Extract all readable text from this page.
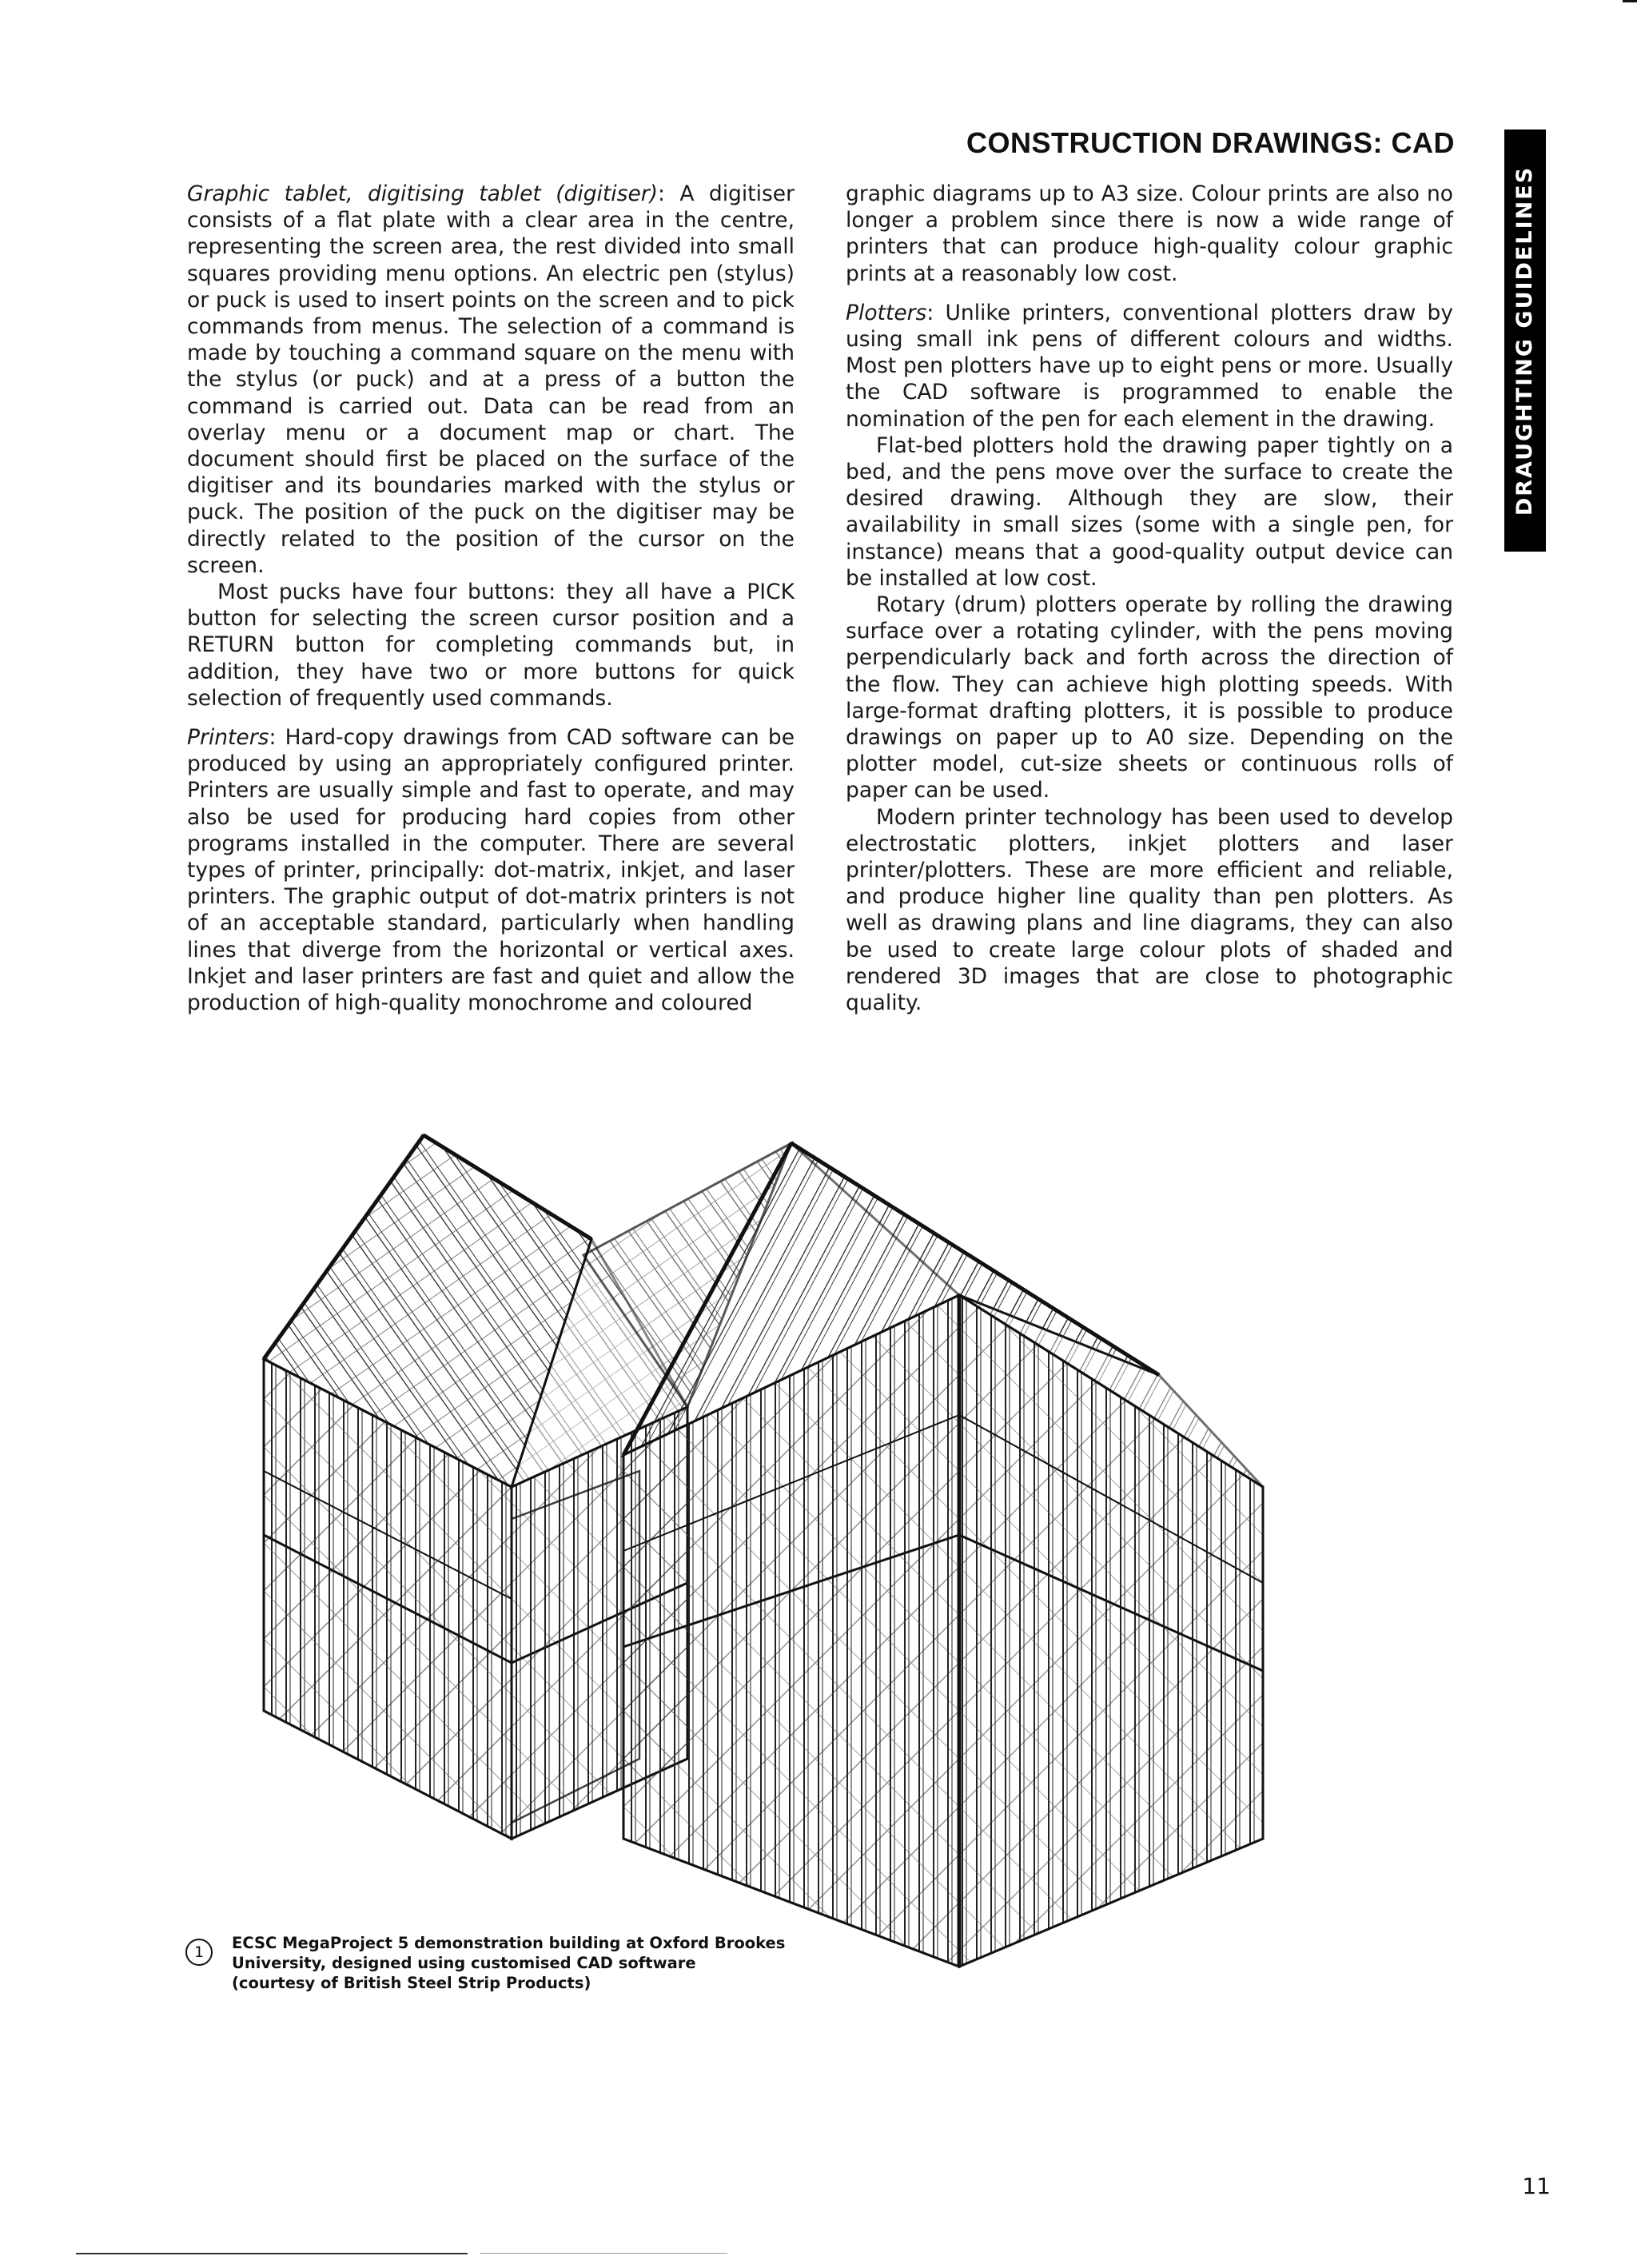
CONSTRUCTION DRAWINGS: CAD
DRAUGHTING GUIDELINES

Graphic tablet, digitising tablet (digitiser): A digitiser consists of a flat plate with a clear area in the centre, representing the screen area, the rest divided into small squares providing menu options. An electric pen (stylus) or puck is used to insert points on the screen and to pick commands from menus. The selection of a command is made by touching a command square on the menu with the stylus (or puck) and at a press of a button the command is carried out. Data can be read from an overlay menu or a document map or chart. The document should first be placed on the surface of the digitiser and its boundaries marked with the stylus or puck. The position of the puck on the digitiser may be directly related to the position of the cursor on the screen.

Most pucks have four buttons: they all have a PICK button for selecting the screen cursor position and a RETURN button for completing commands but, in addition, they have two or more buttons for quick selection of frequently used commands.

Printers: Hard-copy drawings from CAD software can be produced by using an appropriately configured printer. Printers are usually simple and fast to operate, and may also be used for producing hard copies from other programs installed in the computer. There are several types of printer, principally: dot-matrix, inkjet, and laser printers. The graphic output of dot-matrix printers is not of an acceptable standard, particularly when handling lines that diverge from the horizontal or vertical axes. Inkjet and laser printers are fast and quiet and allow the production of high-quality monochrome and coloured

graphic diagrams up to A3 size. Colour prints are also no longer a problem since there is now a wide range of printers that can produce high-quality colour graphic prints at a reasonably low cost.

Plotters: Unlike printers, conventional plotters draw by using small ink pens of different colours and widths. Most pen plotters have up to eight pens or more. Usually the CAD software is programmed to enable the nomination of the pen for each element in the drawing.

Flat-bed plotters hold the drawing paper tightly on a bed, and the pens move over the surface to create the desired drawing. Although they are slow, their availability in small sizes (some with a single pen, for instance) means that a good-quality output device can be installed at low cost.

Rotary (drum) plotters operate by rolling the drawing surface over a rotating cylinder, with the pens moving perpendicularly back and forth across the direction of the flow. They can achieve high plotting speeds. With large-format drafting plotters, it is possible to produce drawings on paper up to A0 size. Depending on the plotter model, cut-size sheets or continuous rolls of paper can be used.

Modern printer technology has been used to develop electrostatic plotters, inkjet plotters and laser printer/plotters. These are more efficient and reliable, and produce higher line quality than pen plotters. As well as drawing plans and line diagrams, they can also be used to create large colour plots of shaded and rendered 3D images that are close to photographic quality.

1	ECSC MegaProject 5 demonstration building at Oxford Brookes
University, designed using customised CAD software
(courtesy of British Steel Strip Products)
11
